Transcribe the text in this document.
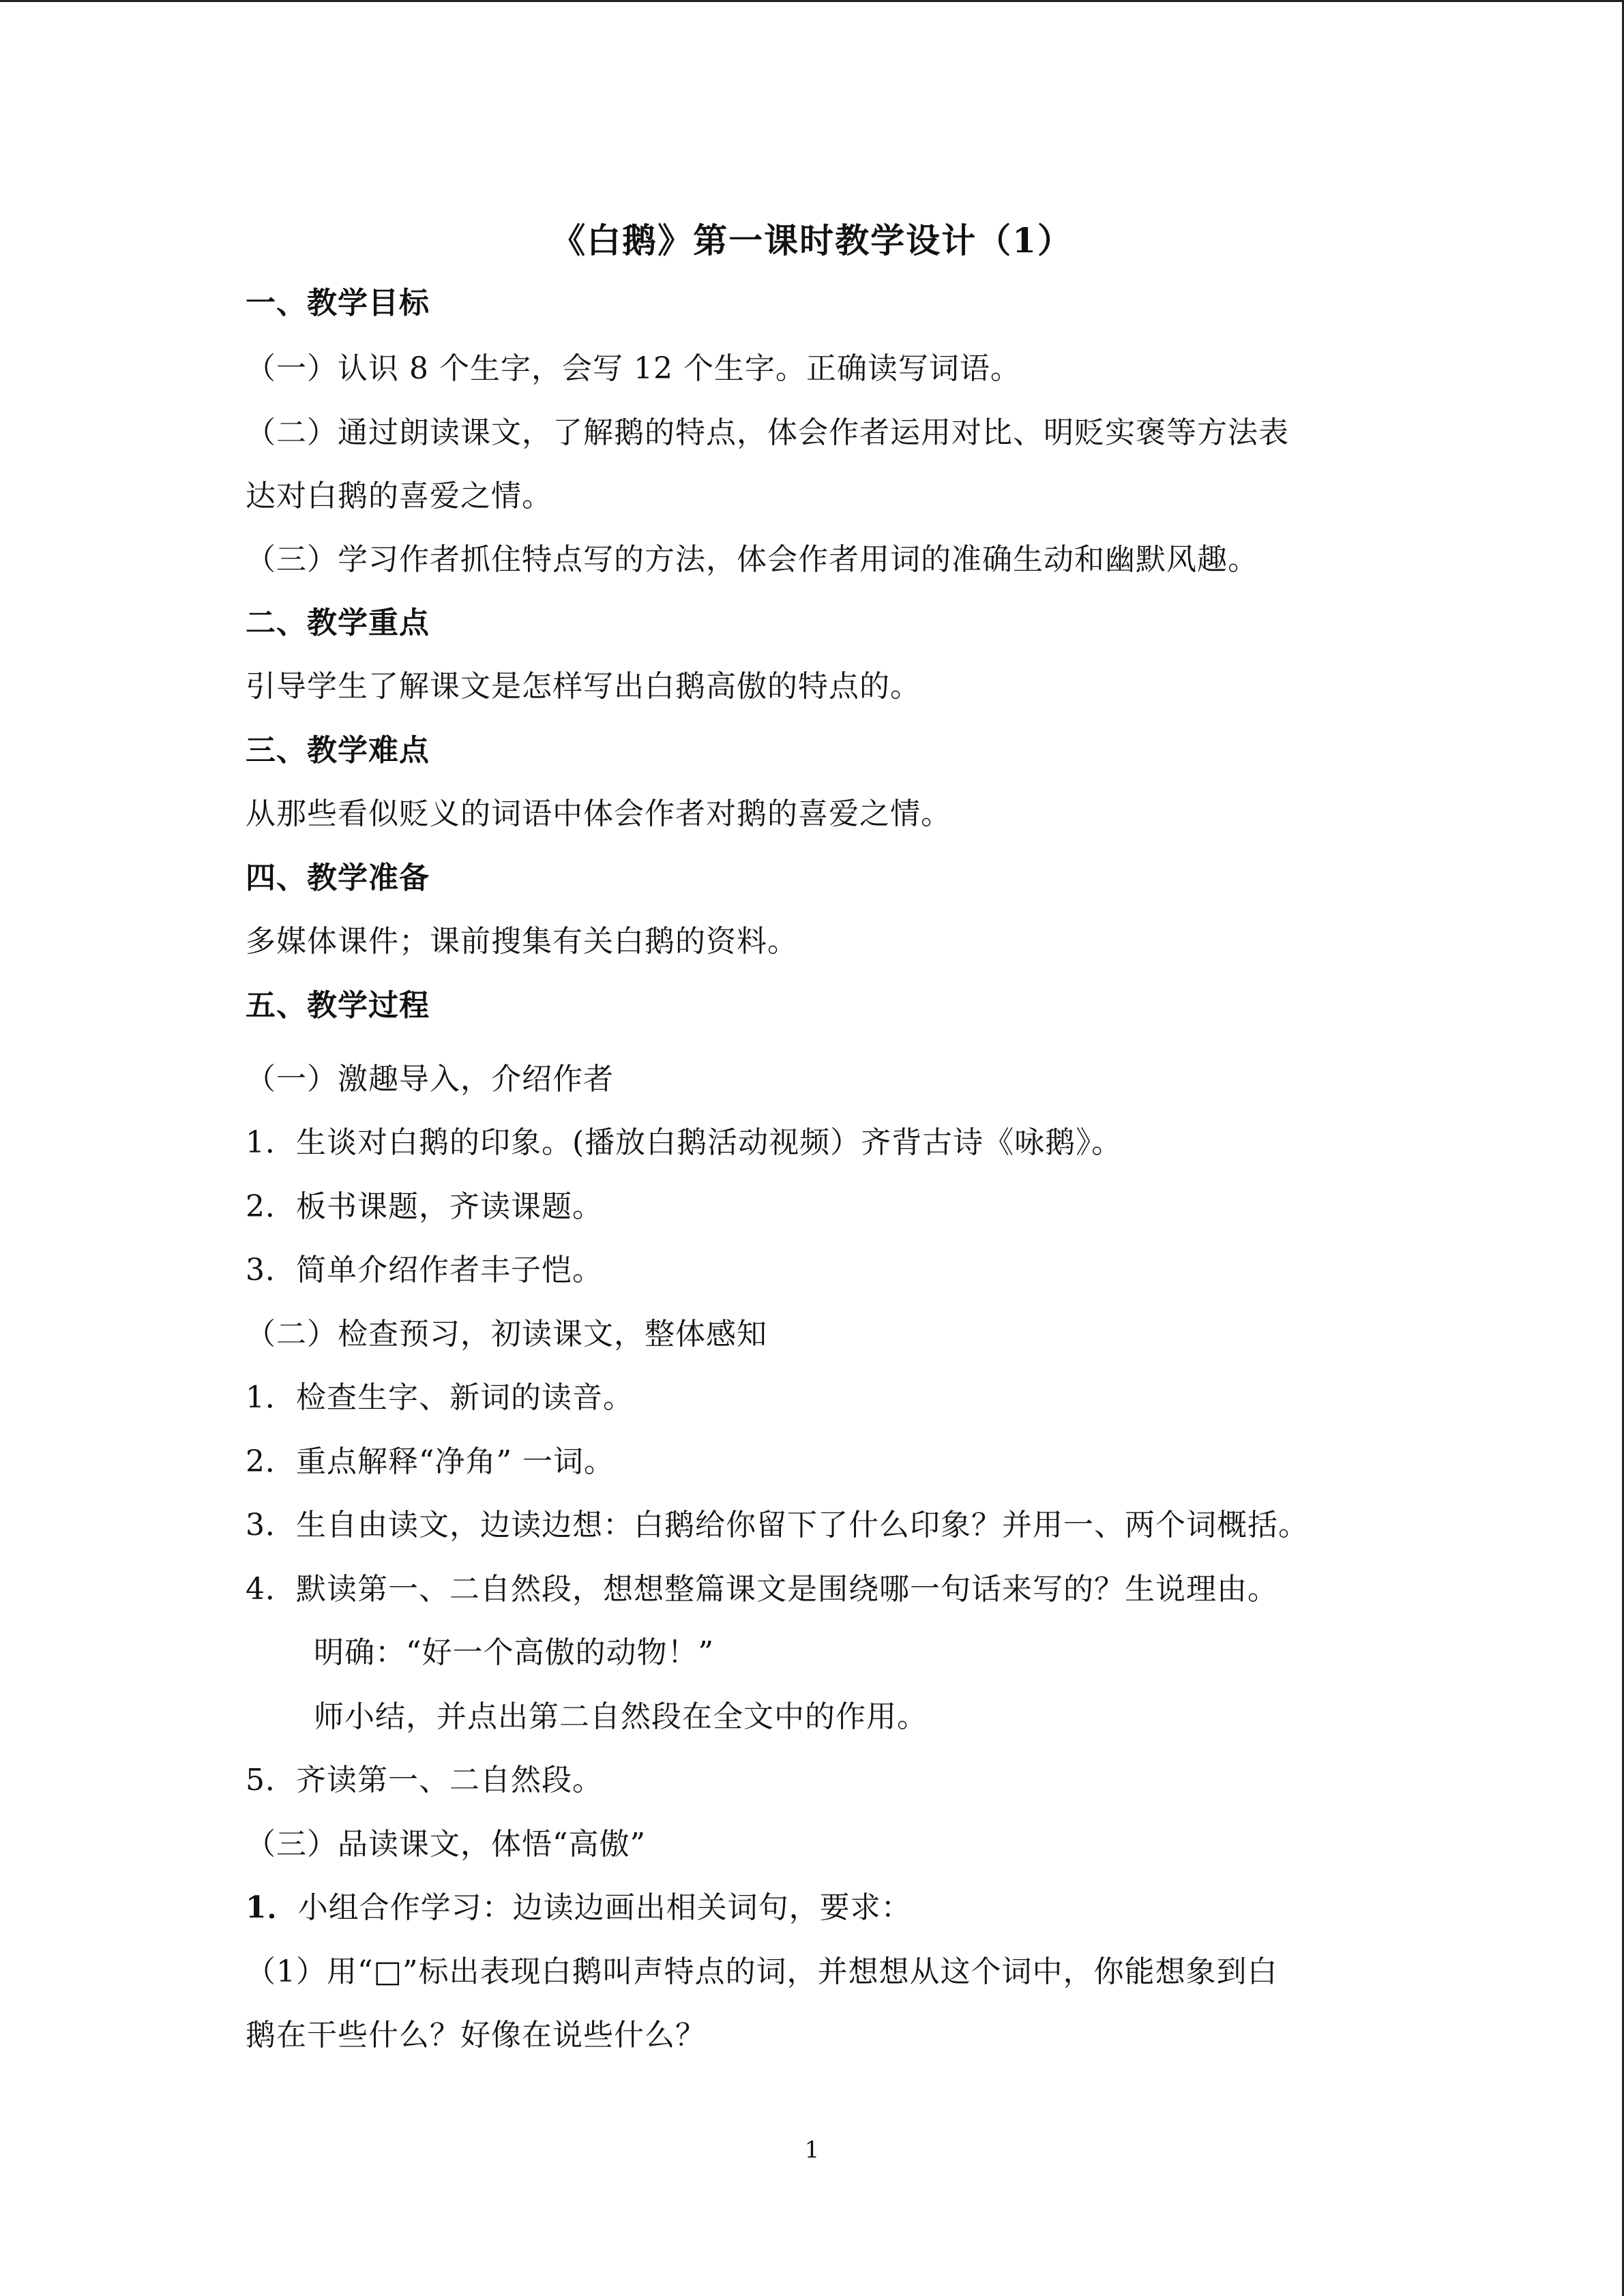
《白鹅》第一课时教学设计（1）
一、教学目标
（一）认识 8 个生字，会写 12 个生字。正确读写词语。
（二）通过朗读课文，了解鹅的特点，体会作者运用对比、明贬实褒等方法表
达对白鹅的喜爱之情。
（三）学习作者抓住特点写的方法，体会作者用词的准确生动和幽默风趣。
二、教学重点
引导学生了解课文是怎样写出白鹅高傲的特点的。
三、教学难点
从那些看似贬义的词语中体会作者对鹅的喜爱之情。
四、教学准备
多媒体课件；课前搜集有关白鹅的资料。
五、教学过程
（一）激趣导入，介绍作者
1．生谈对白鹅的印象。(播放白鹅活动视频）齐背古诗《咏鹅》。
2．板书课题，齐读课题。
3．简单介绍作者丰子恺。
（二）检查预习，初读课文，整体感知
1．检查生字、新词的读音。
2．重点解释“净角” 一词。
3．生自由读文，边读边想：白鹅给你留下了什么印象？并用一、两个词概括。
4．默读第一、二自然段，想想整篇课文是围绕哪一句话来写的？生说理由。
明确：“好一个高傲的动物！”
师小结，并点出第二自然段在全文中的作用。
5．齐读第一、二自然段。
（三）品读课文，体悟“高傲”
1．小组合作学习：边读边画出相关词句，要求：
（1）用“□”标出表现白鹅叫声特点的词，并想想从这个词中，你能想象到白
鹅在干些什么？好像在说些什么？
1
